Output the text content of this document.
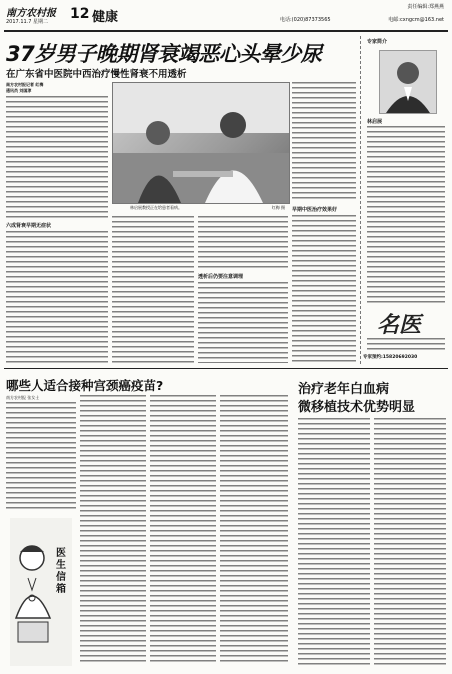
南方农村报
2017.11.7 星期二 12 健康
责任编辑:郑燕燕
电话:(020)87373565	电邮:cxngcm@163.net
37岁男子晚期肾衰竭恶心头晕少尿
在广东省中医院中西治疗慢性肾衰不用透析
南方农村报记者 红梅
通讯员 刘国淳
六成肾衰早期无症状
林启展教授正在给患者看病。	红梅 摄
透析后仍要注意调理
早期中医治疗效果好
专家简介
林启展
名医
专家预约:15820692030
哪些人适合接种宫颈癌疫苗?
南方农村报 张女士
医生信箱
治疗老年白血病
微移植技术优势明显
